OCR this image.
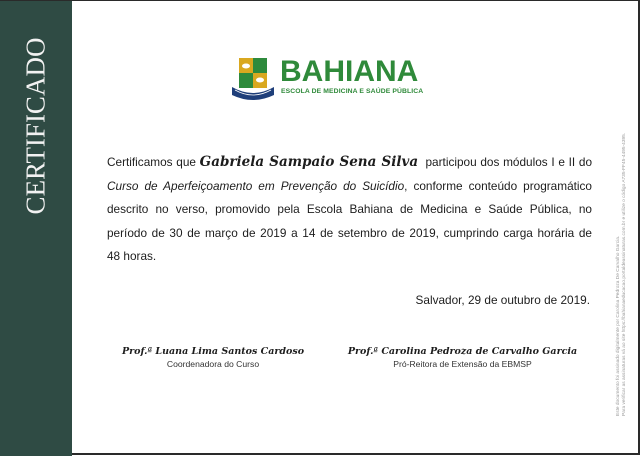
CERTIFICADO	BAHIANA
ESCOLA DE MEDICINA E SAÚDE PÚBLICA
Certificamos que Gabriela Sampaio Sena Silva participou dos módulos I e II do
Curso de Aperfeiçoamento em Prevenção do Suicídio, conforme conteúdo programático
descrito no verso, promovido pela Escola Bahiana de Medicina e Saúde Pública, no
período de 30 de março de 2019 a 14 de setembro de 2019, cumprindo carga horária de
48 horas.
Salvador, 29 de outubro de 2019.
Prof.ª Luana Lima Santos Cardoso
Coordenadora do Curso
Prof.ª Carolina Pedroza de Carvalho Garcia
Pró-Reitora de Extensão da EBMSP	Este documento foi assinado digitalmente por Carolina Pedroza De Carvalho Garcia. Para verificar as assinaturas vá ao site https://bahianaeducacao.portaldeassinaturas.com.br e utilize o código A735-FF45-4495-4395.
